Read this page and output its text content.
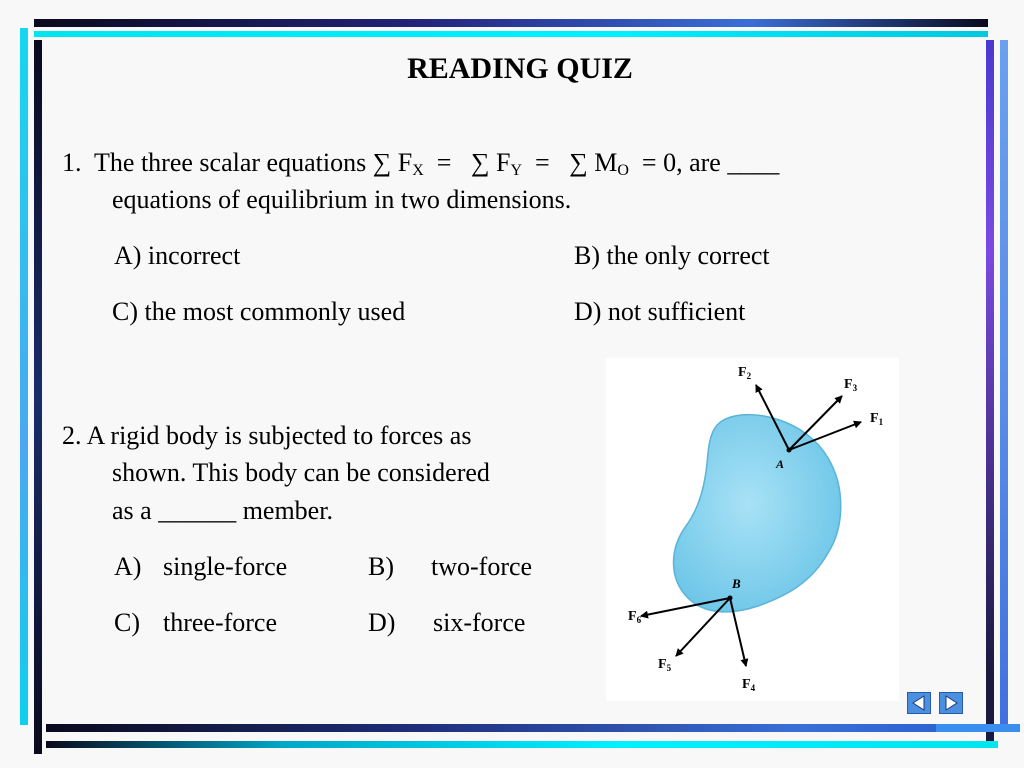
READING QUIZ
1. The three scalar equations ∑ $F_X$ = ∑ $F_Y$ = ∑ $M_O = 0$, are ____
equations of equilibrium in two dimensions.
A) incorrect	B) the only correct
C) the most commonly used	D) not sufficient
2. A rigid body is subjected to forces as
shown. This body can be considered
as a ______ member.
A) single-force	B) two-force
C) three-force	D) six-force
$F_2$
$F_3$
$F_1$
$F_6$
$F_5$
$F_4$
A
B
